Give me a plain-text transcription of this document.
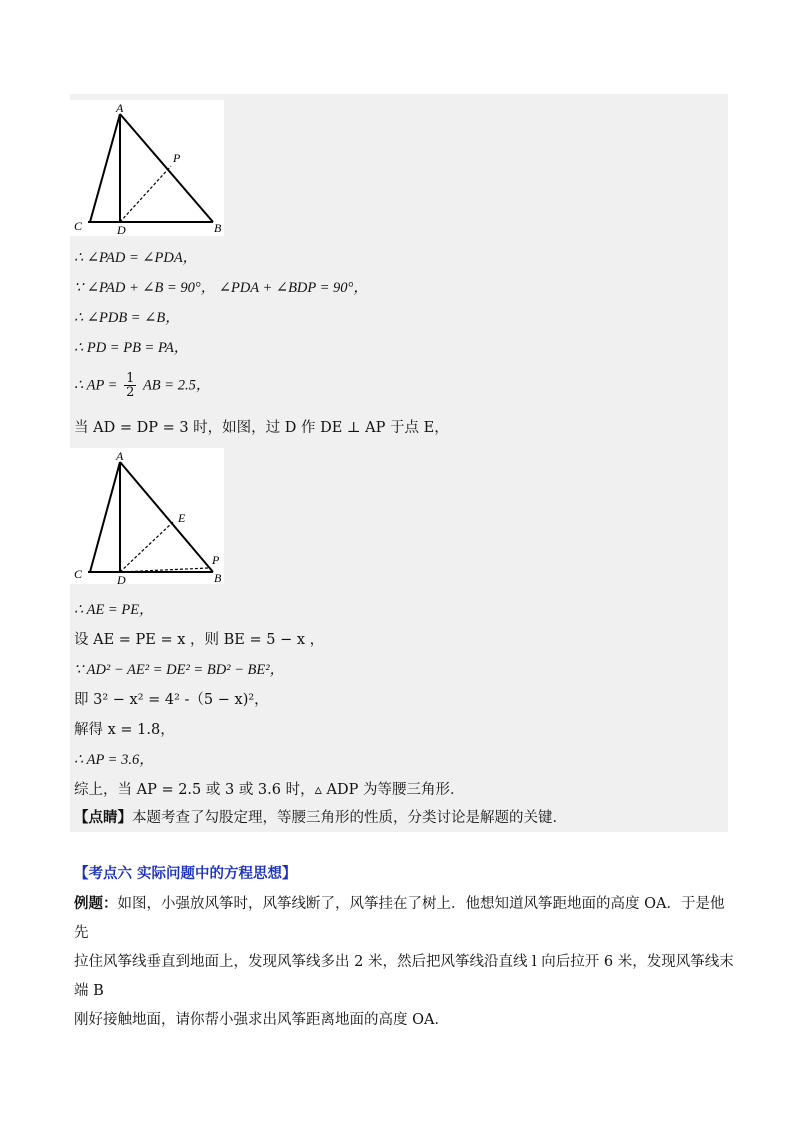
A
P
C	D	B
∴ ∠PAD = ∠PDA，
∵ ∠PAD + ∠B = 90°， ∠PDA + ∠BDP = 90°，
∴ ∠PDB = ∠B，
∴ PD = PB = PA，
∴ AP = $\frac{1}{2}$ AB = 2.5，
当 AD = DP = 3 时，如图，过 D 作 DE ⊥ AP 于点 E，
A
E
P
C	D	B
∴ AE = PE，
设 AE = PE = x ，则 BE = 5 − x ，
∵ AD² − AE² = DE² = BD² − BE²，
即 3² − x² = 4² -（5 − x)²，
解得 x = 1.8，
∴ AP = 3.6，
综上，当 AP = 2.5 或 3 或 3.6 时，▵ ADP 为等腰三角形．
【点睛】本题考查了勾股定理，等腰三角形的性质，分类讨论是解题的关键．
【考点六 实际问题中的方程思想】
例题：如图，小强放风筝时，风筝线断了，风筝挂在了树上．他想知道风筝距地面的高度 OA．于是他先
拉住风筝线垂直到地面上，发现风筝线多出 2 米，然后把风筝线沿直线 l 向后拉开 6 米，发现风筝线末端 B
刚好接触地面，请你帮小强求出风筝距离地面的高度 OA．
